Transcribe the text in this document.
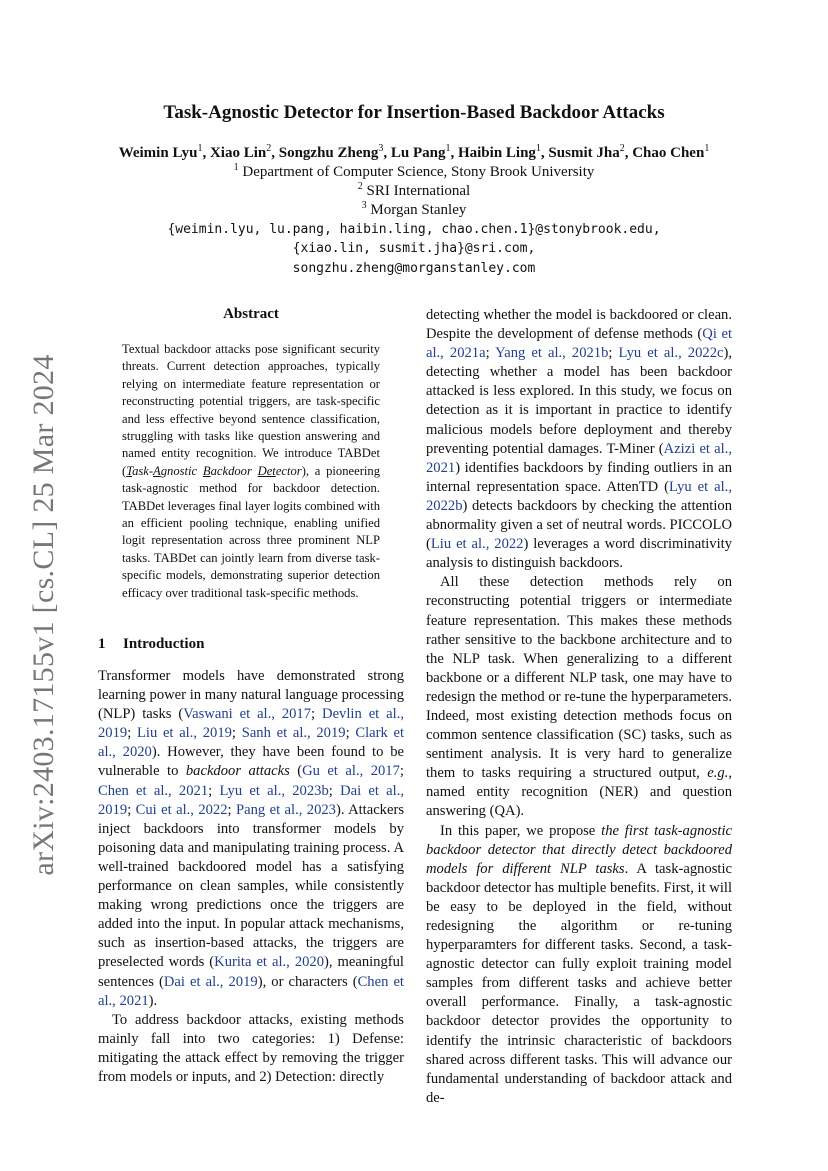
arXiv:2403.17155v1 [cs.CL] 25 Mar 2024
Task-Agnostic Detector for Insertion-Based Backdoor Attacks
Weimin Lyu$^1$, Xiao Lin$^2$, Songzhu Zheng$^3$, Lu Pang$^1$, Haibin Ling$^1$, Susmit Jha$^2$, Chao Chen$^1$
$^1$ Department of Computer Science, Stony Brook University
$^2$ SRI International
$^3$ Morgan Stanley
{weimin.lyu, lu.pang, haibin.ling, chao.chen.1}@stonybrook.edu,
{xiao.lin, susmit.jha}@sri.com,
songzhu.zheng@morganstanley.com
Abstract

Textual backdoor attacks pose significant security threats. Current detection approaches, typically relying on intermediate feature representation or reconstructing potential triggers, are task-specific and less effective beyond sentence classification, struggling with tasks like question answering and named entity recognition. We introduce TABDet (Task-Agnostic Backdoor Detector), a pioneering task-agnostic method for backdoor detection. TABDet leverages final layer logits combined with an efficient pooling technique, enabling unified logit representation across three prominent NLP tasks. TABDet can jointly learn from diverse task-specific models, demonstrating superior detection efficacy over traditional task-specific methods.

1 Introduction

Transformer models have demonstrated strong learning power in many natural language processing (NLP) tasks (Vaswani et al., 2017; Devlin et al., 2019; Liu et al., 2019; Sanh et al., 2019; Clark et al., 2020). However, they have been found to be vulnerable to backdoor attacks (Gu et al., 2017; Chen et al., 2021; Lyu et al., 2023b; Dai et al., 2019; Cui et al., 2022; Pang et al., 2023). Attackers inject backdoors into transformer models by poisoning data and manipulating training process. A well-trained backdoored model has a satisfying performance on clean samples, while consistently making wrong predictions once the triggers are added into the input. In popular attack mechanisms, such as insertion-based attacks, the triggers are preselected words (Kurita et al., 2020), meaningful sentences (Dai et al., 2019), or characters (Chen et al., 2021).

To address backdoor attacks, existing methods mainly fall into two categories: 1) Defense: mitigating the attack effect by removing the trigger from models or inputs, and 2) Detection: directly

detecting whether the model is backdoored or clean. Despite the development of defense methods (Qi et al., 2021a; Yang et al., 2021b; Lyu et al., 2022c), detecting whether a model has been backdoor attacked is less explored. In this study, we focus on detection as it is important in practice to identify malicious models before deployment and thereby preventing potential damages. T-Miner (Azizi et al., 2021) identifies backdoors by finding outliers in an internal representation space. AttenTD (Lyu et al., 2022b) detects backdoors by checking the attention abnormality given a set of neutral words. PICCOLO (Liu et al., 2022) leverages a word discriminativity analysis to distinguish backdoors.

All these detection methods rely on reconstructing potential triggers or intermediate feature representation. This makes these methods rather sensitive to the backbone architecture and to the NLP task. When generalizing to a different backbone or a different NLP task, one may have to redesign the method or re-tune the hyperparameters. Indeed, most existing detection methods focus on common sentence classification (SC) tasks, such as sentiment analysis. It is very hard to generalize them to tasks requiring a structured output, e.g., named entity recognition (NER) and question answering (QA).

In this paper, we propose the first task-agnostic backdoor detector that directly detect backdoored models for different NLP tasks. A task-agnostic backdoor detector has multiple benefits. First, it will be easy to be deployed in the field, without redesigning the algorithm or re-tuning hyperparamters for different tasks. Second, a task-agnostic detector can fully exploit training model samples from different tasks and achieve better overall performance. Finally, a task-agnostic backdoor detector provides the opportunity to identify the intrinsic characteristic of backdoors shared across different tasks. This will advance our fundamental understanding of backdoor attack and de-
